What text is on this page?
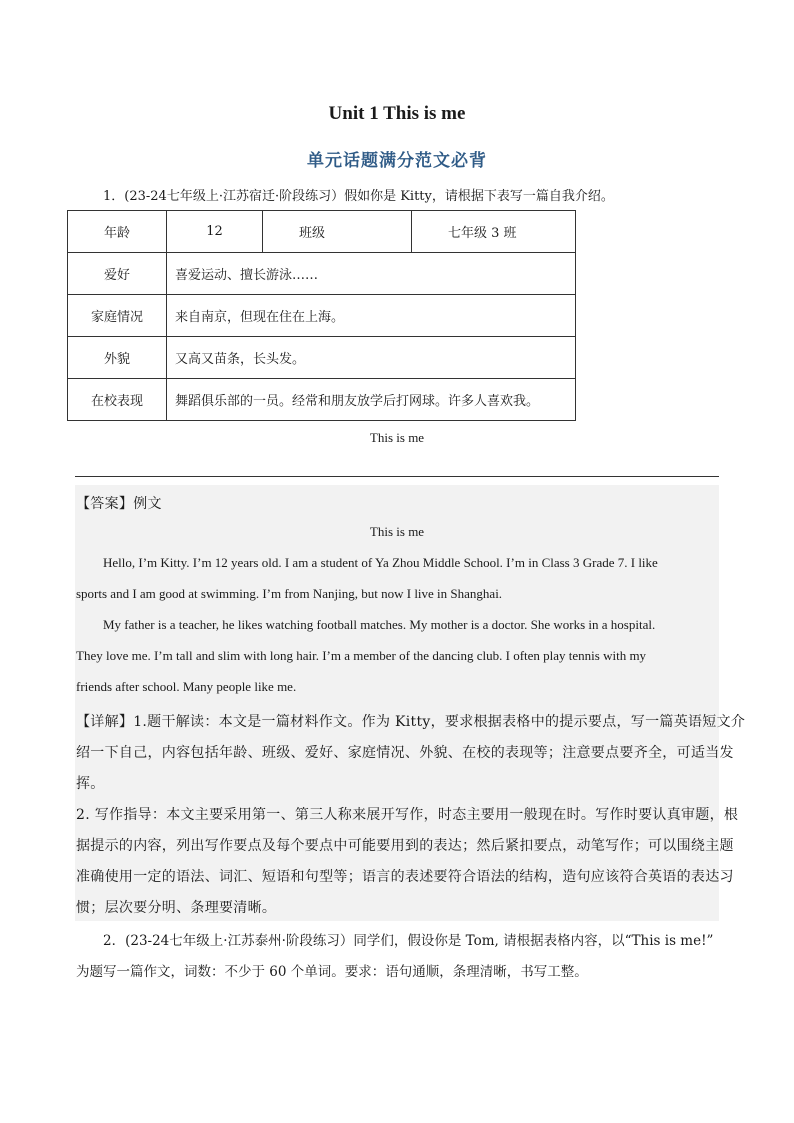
Unit 1 This is me
单元话题满分范文必背
1．(23-24七年级上·江苏宿迁·阶段练习）假如你是 Kitty，请根据下表写一篇自我介绍。
年龄	12	班级	七年级 3 班
爱好	喜爱运动、擅长游泳……		
家庭情况	来自南京，但现在住在上海。		
外貌	又高又苗条，长头发。		
在校表现	舞蹈俱乐部的一员。经常和朋友放学后打网球。许多人喜欢我。		
This is me
【答案】例文
This is me
Hello, I’m Kitty. I’m 12 years old. I am a student of Ya Zhou Middle School. I’m in Class 3 Grade 7. I like
sports and I am good at swimming. I’m from Nanjing, but now I live in Shanghai.
My father is a teacher, he likes watching football matches. My mother is a doctor. She works in a hospital.
They love me. I’m tall and slim with long hair. I’m a member of the dancing club. I often play tennis with my
friends after school. Many people like me.
【详解】1.题干解读：本文是一篇材料作文。作为 Kitty，要求根据表格中的提示要点，写一篇英语短文介
绍一下自己，内容包括年龄、班级、爱好、家庭情况、外貌、在校的表现等；注意要点要齐全，可适当发
挥。
2. 写作指导：本文主要采用第一、第三人称来展开写作，时态主要用一般现在时。写作时要认真审题，根
据提示的内容，列出写作要点及每个要点中可能要用到的表达；然后紧扣要点，动笔写作；可以围绕主题
准确使用一定的语法、词汇、短语和句型等；语言的表述要符合语法的结构，造句应该符合英语的表达习
惯；层次要分明、条理要清晰。
2．(23-24七年级上·江苏泰州·阶段练习）同学们，假设你是 Tom, 请根据表格内容，以“This is me!”
为题写一篇作文，词数：不少于 60 个单词。要求：语句通顺，条理清晰，书写工整。
